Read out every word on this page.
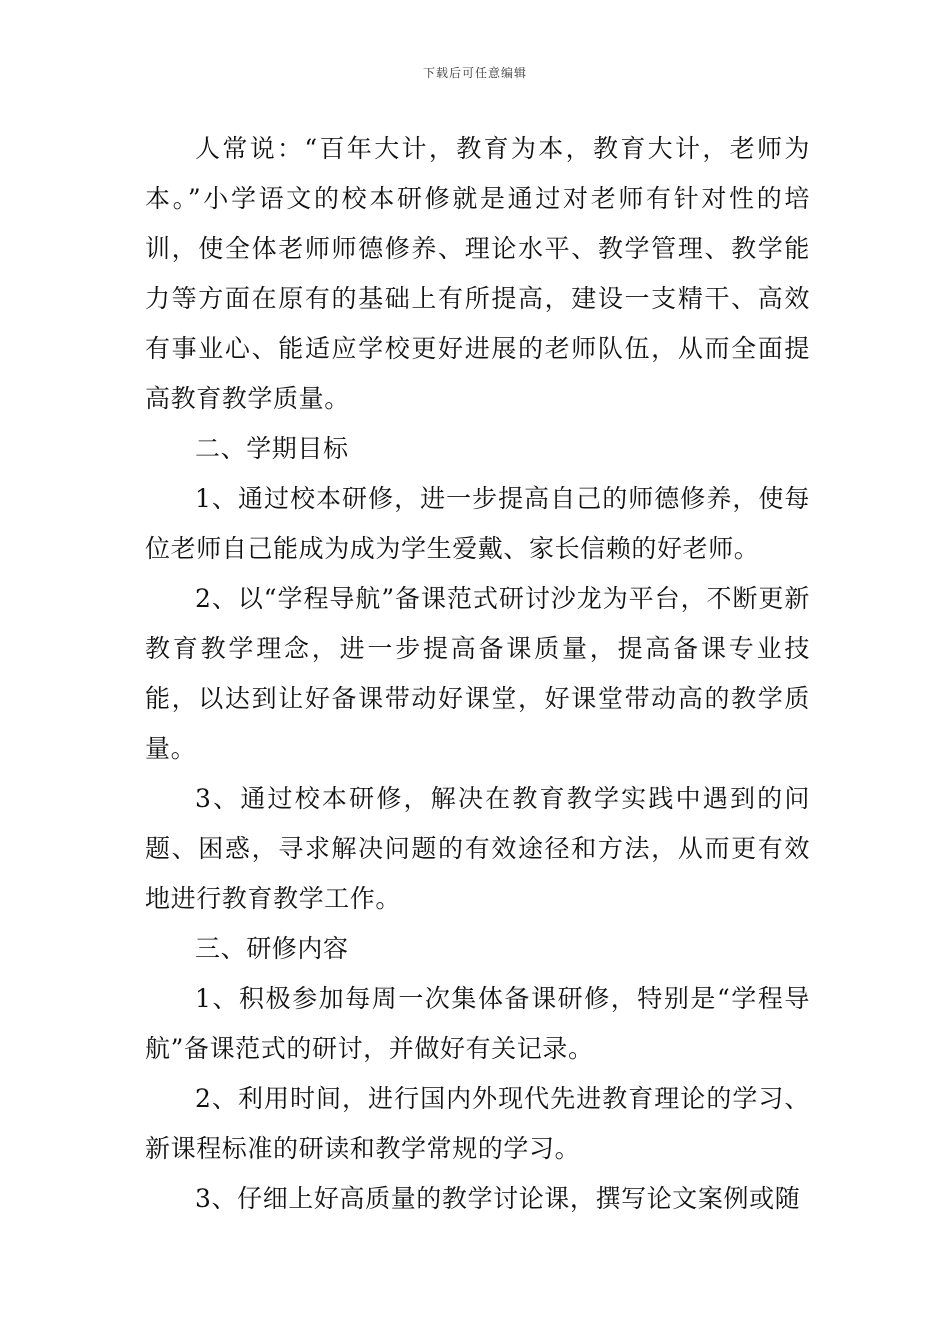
下载后可任意编辑

人常说：“百年大计，教育为本，教育大计，老师为本。”小学语文的校本研修就是通过对老师有针对性的培训，使全体老师师德修养、理论水平、教学管理、教学能力等方面在原有的基础上有所提高，建设一支精干、高效有事业心、能适应学校更好进展的老师队伍，从而全面提高教育教学质量。

二、学期目标

1、通过校本研修，进一步提高自己的师德修养，使每位老师自己能成为成为学生爱戴、家长信赖的好老师。

2、以“学程导航”备课范式研讨沙龙为平台，不断更新教育教学理念，进一步提高备课质量，提高备课专业技能，以达到让好备课带动好课堂，好课堂带动高的教学质量。

3、通过校本研修，解决在教育教学实践中遇到的问题、困惑，寻求解决问题的有效途径和方法，从而更有效地进行教育教学工作。

三、研修内容

1、积极参加每周一次集体备课研修，特别是“学程导航”备课范式的研讨，并做好有关记录。

2、利用时间，进行国内外现代先进教育理论的学习、新课程标准的研读和教学常规的学习。

3、仔细上好高质量的教学讨论课，撰写论文案例或随
